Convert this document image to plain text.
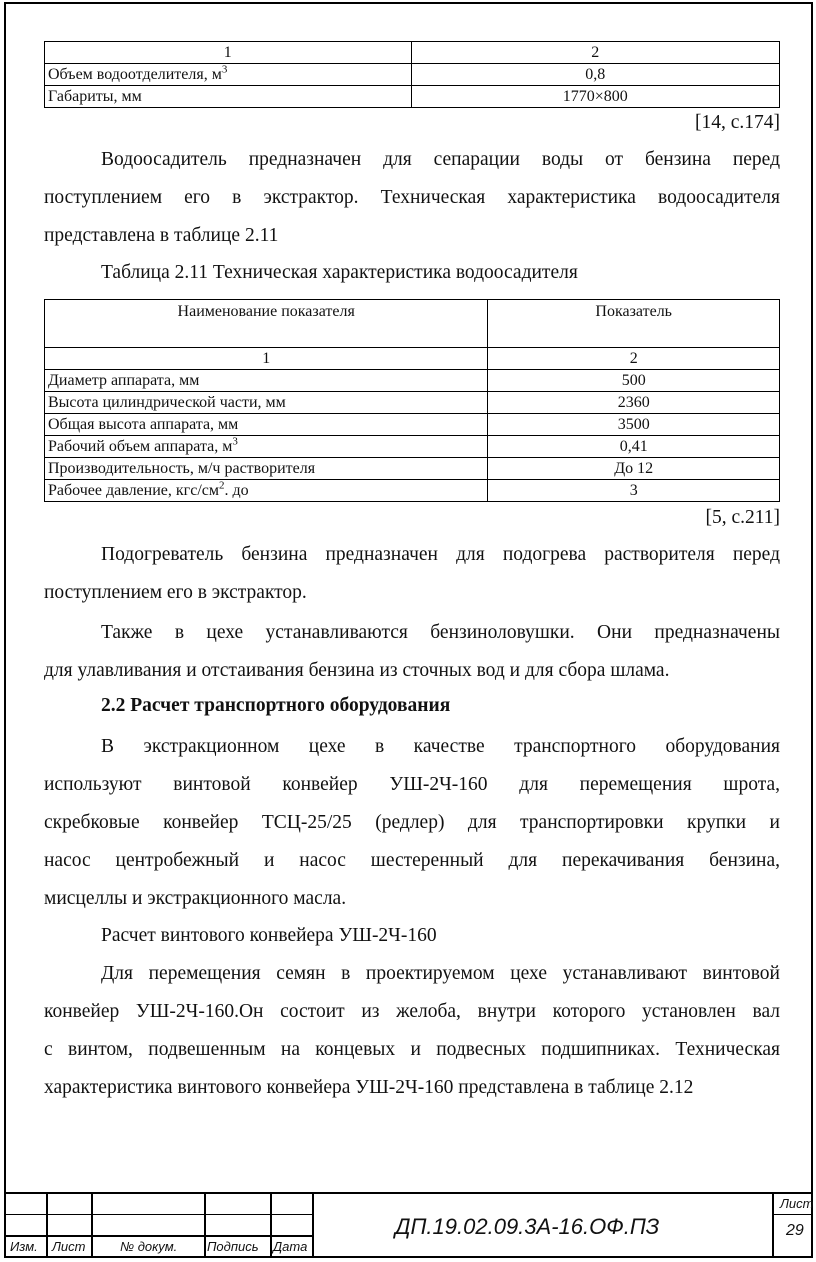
1	2
Объем водоотделителя, $м^3$	0,8
Габариты, мм	1770×800
[14, с.174]
Водоосадитель предназначен для сепарации воды от бензина перед
поступлением его в экстрактор. Техническая характеристика водоосадителя
представлена в таблице 2.11
Таблица 2.11 Техническая характеристика водоосадителя
Наименование показателя	Показатель
1	2
Диаметр аппарата, мм	500
Высота цилиндрической части, мм	2360
Общая высота аппарата, мм	3500
Рабочий объем аппарата, $м^3$	0,41
Производительность, м/ч растворителя	До 12
Рабочее давление, кгс/$см^2$. до	3
[5, с.211]
Подогреватель бензина предназначен для подогрева растворителя перед
поступлением его в экстрактор.
Также в цехе устанавливаются бензиноловушки. Они предназначены
для улавливания и отстаивания бензина из сточных вод и для сбора шлама.
2.2 Расчет транспортного оборудования
В экстракционном цехе в качестве транспортного оборудования
используют винтовой конвейер УШ-2Ч-160 для перемещения шрота,
скребковые конвейер ТСЦ-25/25 (редлер) для транспортировки крупки и
насос центробежный и насос шестеренный для перекачивания бензина,
мисцеллы и экстракционного масла.
Расчет винтового конвейера УШ-2Ч-160
Для перемещения семян в проектируемом цехе устанавливают винтовой
конвейер УШ-2Ч-160.Он состоит из желоба, внутри которого установлен вал
с винтом, подвешенным на концевых и подвесных подшипниках. Техническая
характеристика винтового конвейера УШ-2Ч-160 представлена в таблице 2.12
Изм. Лист	№ докум. Подпись Дата
ДП.19.02.09.3А-16.ОФ.ПЗ
Лист
29
